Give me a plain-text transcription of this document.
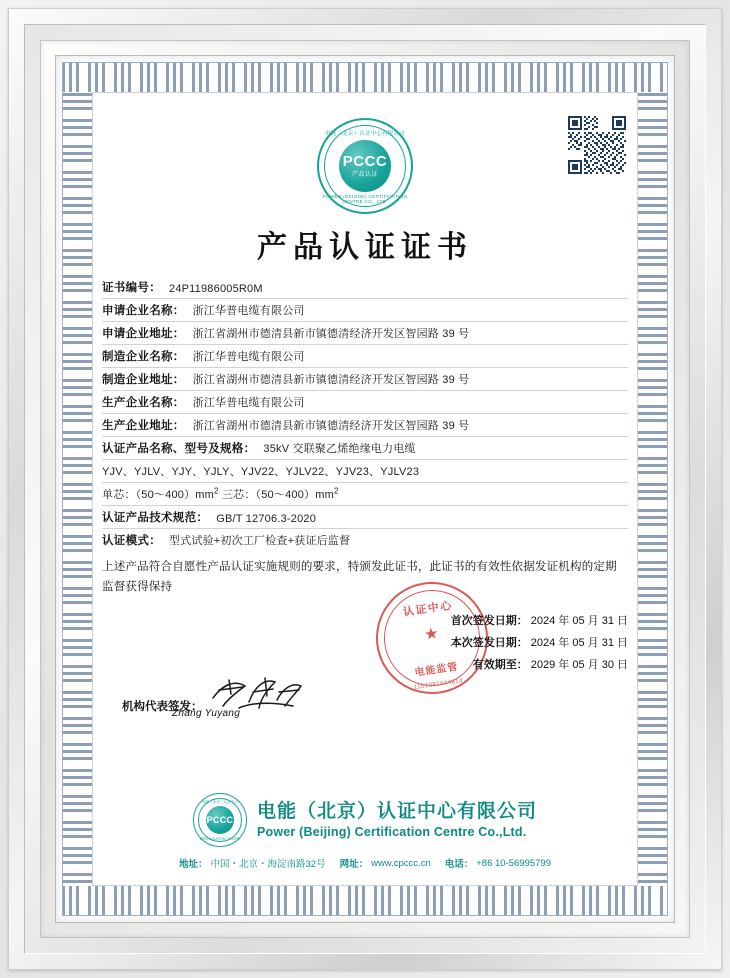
电能（北京）认证中心有限公司
POWER (BEIJING) CERTIFICATION CENTRE CO., LTD.
PCCC
产品认证
产品认证证书
证书编号： 24P11986005R0M
申请企业名称： 浙江华普电缆有限公司
申请企业地址： 浙江省湖州市德清县新市镇德清经济开发区智园路 39 号
制造企业名称： 浙江华普电缆有限公司
制造企业地址： 浙江省湖州市德清县新市镇德清经济开发区智园路 39 号
生产企业名称： 浙江华普电缆有限公司
生产企业地址： 浙江省湖州市德清县新市镇德清经济开发区智园路 39 号
认证产品名称、型号及规格： 35kV 交联聚乙烯绝缘电力电缆
YJV、YJLV、YJY、YJLY、YJV22、YJLV22、YJV23、YJLV23
单芯：$(50\sim 400)mm^2$ 三芯：$(50\sim 400)mm^2$
认证产品技术规范： GB/T 12706.3-2020
认证模式： 型式试验+初次工厂检查+获证后监督
上述产品符合自愿性产品认证实施规则的要求，特颁发此证书，此证书的有效性依据发证机构的定期监督获得保持
认证中心
★
电能监管
1101081044614
首次签发日期： 2024 年 05 月 31 日
本次签发日期： 2024 年 05 月 31 日
有效期至： 2029 年 05 月 30 日
机构代表签发：
Zhang Yuyang
电能（北京）认证中心
CERTIFICATION CENTRE
PCCC 电能（北京）认证中心有限公司
Power (Beijing) Certification Centre Co.,Ltd.
地址： 中国・北京・海淀南路32号 网址： www.cpccc.cn 电话： +86 10-56995799
